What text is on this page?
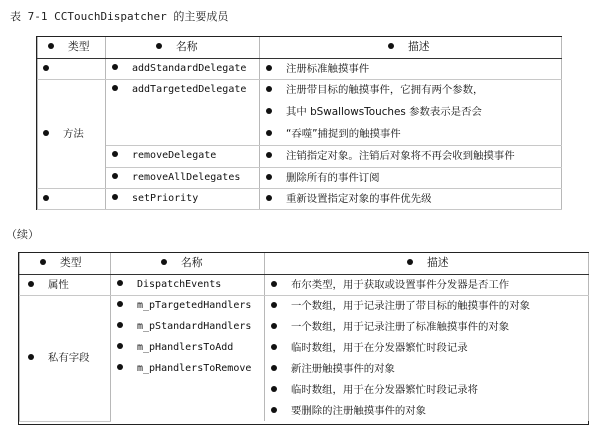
表 7-1 CCTouchDispatcher 的主要成员
类型	名称	描述
	addStandardDelegate	注册标准触摸事件
方法	addTargetedDelegate	注册带目标的触摸事件，它拥有两个参数，
		其中 bSwallowsTouches 参数表示是否会
		“吞噬”捕捉到的触摸事件
	removeDelegate	注销指定对象。注销后对象将不再会收到触摸事件
	removeAllDelegates	删除所有的事件订阅
	setPriority	重新设置指定对象的事件优先级
（续）
类型	名称	描述
属性	DispatchEvents	布尔类型，用于获取或设置事件分发器是否工作
私有字段	m_pTargetedHandlers	一个数组，用于记录注册了带目标的触摸事件的对象
	m_pStandardHandlers	一个数组，用于记录注册了标准触摸事件的对象
	m_pHandlersToAdd	临时数组，用于在分发器繁忙时段记录
	m_pHandlersToRemove	新注册触摸事件的对象
		临时数组，用于在分发器繁忙时段记录将
		要删除的注册触摸事件的对象
